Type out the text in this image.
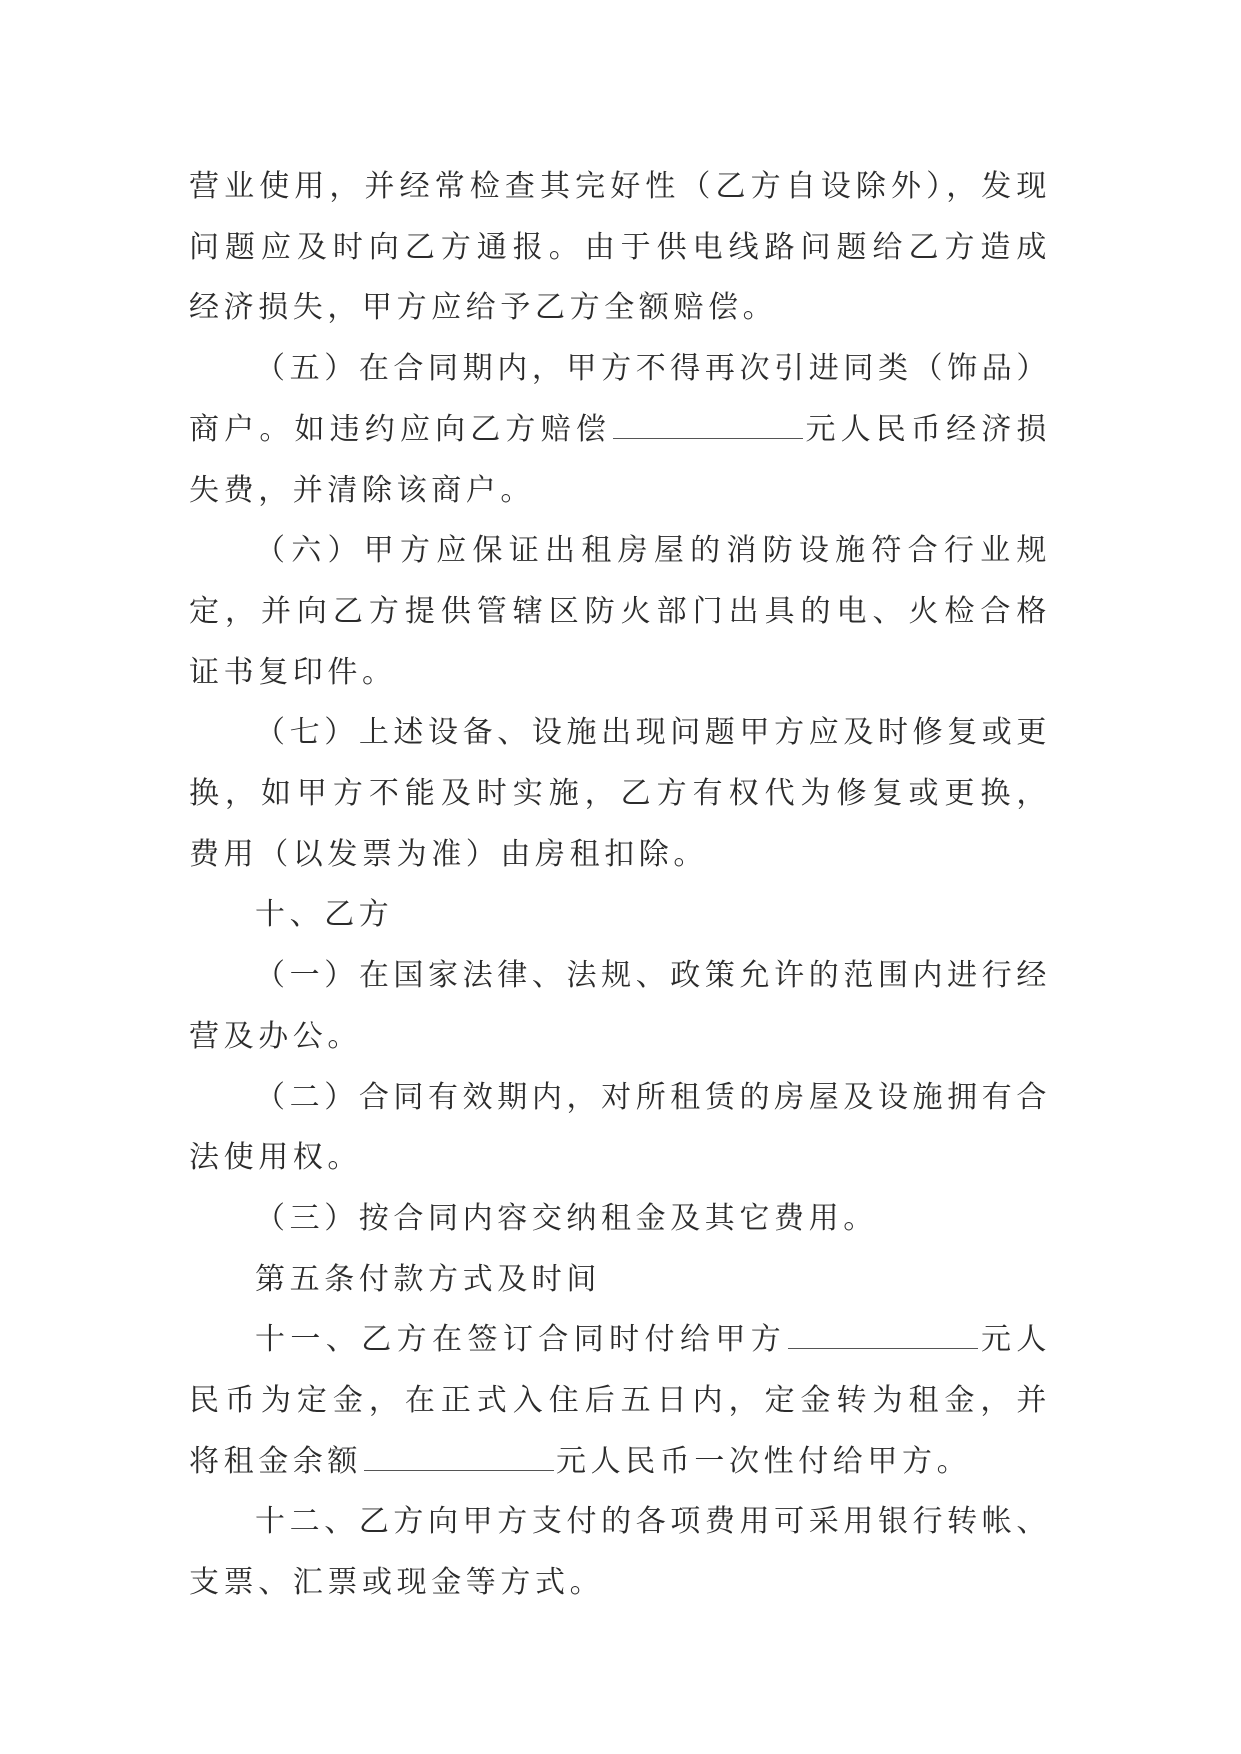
营业使用，并经常检查其完好性（乙方自设除外），发现问题应及时向乙方通报。由于供电线路问题给乙方造成经济损失，甲方应给予乙方全额赔偿。

（五）在合同期内，甲方不得再次引进同类（饰品）商户。如违约应向乙方赔偿	元人民币经济损失费，并清除该商户。

（六）甲方应保证出租房屋的消防设施符合行业规定，并向乙方提供管辖区防火部门出具的电、火检合格证书复印件。

（七）上述设备、设施出现问题甲方应及时修复或更换，如甲方不能及时实施，乙方有权代为修复或更换，费用（以发票为准）由房租扣除。

十、乙方

（一）在国家法律、法规、政策允许的范围内进行经营及办公。

（二）合同有效期内，对所租赁的房屋及设施拥有合法使用权。

（三）按合同内容交纳租金及其它费用。

第五条付款方式及时间

十一、乙方在签订合同时付给甲方	元人民币为定金，在正式入住后五日内，定金转为租金，并将租金余额	元人民币一次性付给甲方。

十二、乙方向甲方支付的各项费用可采用银行转帐、支票、汇票或现金等方式。
